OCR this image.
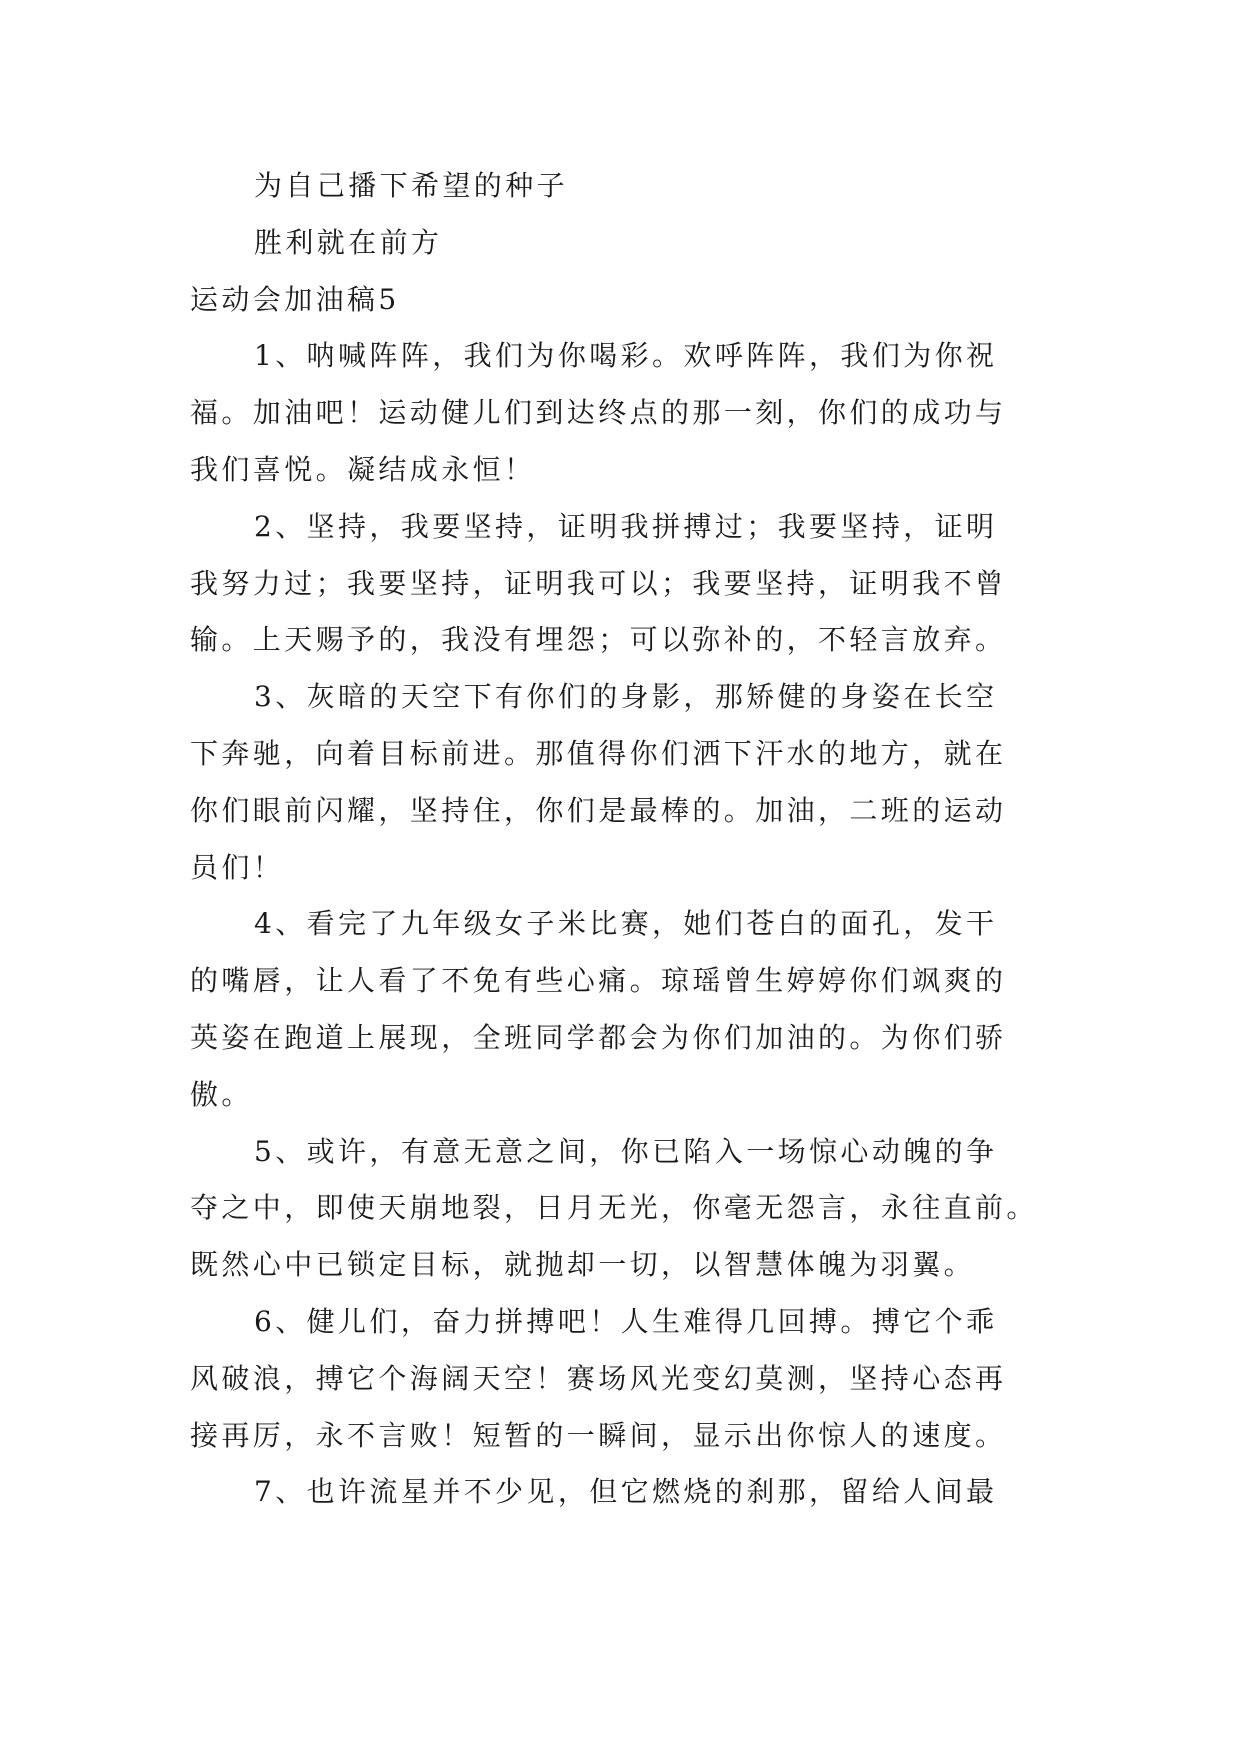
为自己播下希望的种子
胜利就在前方
运动会加油稿5
1、呐喊阵阵，我们为你喝彩。欢呼阵阵，我们为你祝
福。加油吧！运动健儿们到达终点的那一刻，你们的成功与
我们喜悦。凝结成永恒！
2、坚持，我要坚持，证明我拼搏过；我要坚持，证明
我努力过；我要坚持，证明我可以；我要坚持，证明我不曾
输。上天赐予的，我没有埋怨；可以弥补的，不轻言放弃。
3、灰暗的天空下有你们的身影，那矫健的身姿在长空
下奔驰，向着目标前进。那值得你们洒下汗水的地方，就在
你们眼前闪耀，坚持住，你们是最棒的。加油，二班的运动
员们！
4、看完了九年级女子米比赛，她们苍白的面孔，发干
的嘴唇，让人看了不免有些心痛。琼瑶曾生婷婷你们飒爽的
英姿在跑道上展现，全班同学都会为你们加油的。为你们骄
傲。
5、或许，有意无意之间，你已陷入一场惊心动魄的争
夺之中，即使天崩地裂，日月无光，你毫无怨言，永往直前。
既然心中已锁定目标，就抛却一切，以智慧体魄为羽翼。
6、健儿们，奋力拼搏吧！人生难得几回搏。搏它个乖
风破浪，搏它个海阔天空！赛场风光变幻莫测，坚持心态再
接再厉，永不言败！短暂的一瞬间，显示出你惊人的速度。
7、也许流星并不少见，但它燃烧的刹那，留给人间最
